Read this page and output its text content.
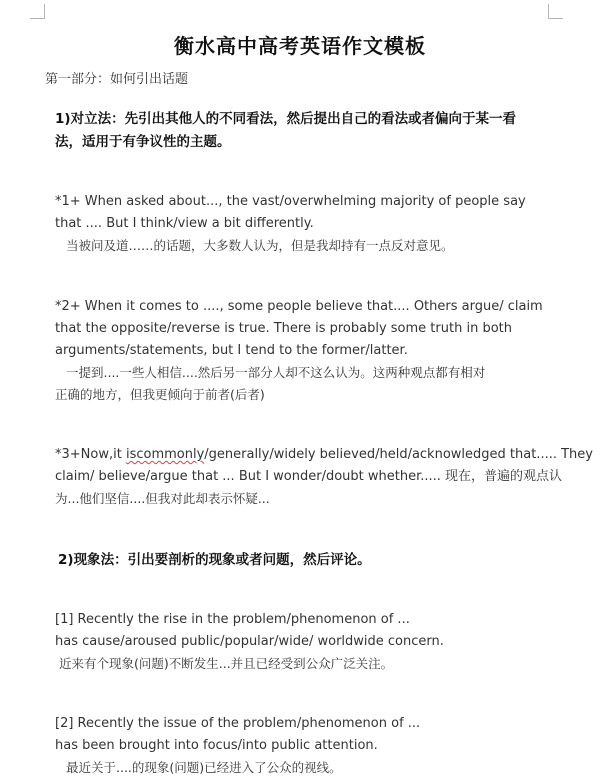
衡水高中高考英语作文模板
第一部分：如何引出话题
1)对立法：先引出其他人的不同看法，然后提出自己的看法或者偏向于某一看
法，适用于有争议性的主题。
*1+ When asked about..., the vast/overwhelming majority of people say
that .... But I think/view a bit differently.
当被问及道……的话题，大多数人认为，但是我却持有一点反对意见。
*2+ When it comes to ...., some people believe that.... Others argue/ claim
that the opposite/reverse is true. There is probably some truth in both
arguments/statements, but I tend to the former/latter.
一提到....一些人相信....然后另一部分人却不这么认为。这两种观点都有相对
正确的地方，但我更倾向于前者(后者)
*3+Now,it iscommonly/generally/widely believed/held/acknowledged that..... They
claim/ believe/argue that ... But I wonder/doubt whether..... 现在，普遍的观点认
为...他们坚信....但我对此却表示怀疑...
2)现象法：引出要剖析的现象或者问题，然后评论。
[1] Recently the rise in the problem/phenomenon of ...
has cause/aroused public/popular/wide/ worldwide concern.
近来有个现象(问题)不断发生...并且已经受到公众广泛关注。
[2] Recently the issue of the problem/phenomenon of ...
has been brought into focus/into public attention.
最近关于....的现象(问题)已经进入了公众的视线。
